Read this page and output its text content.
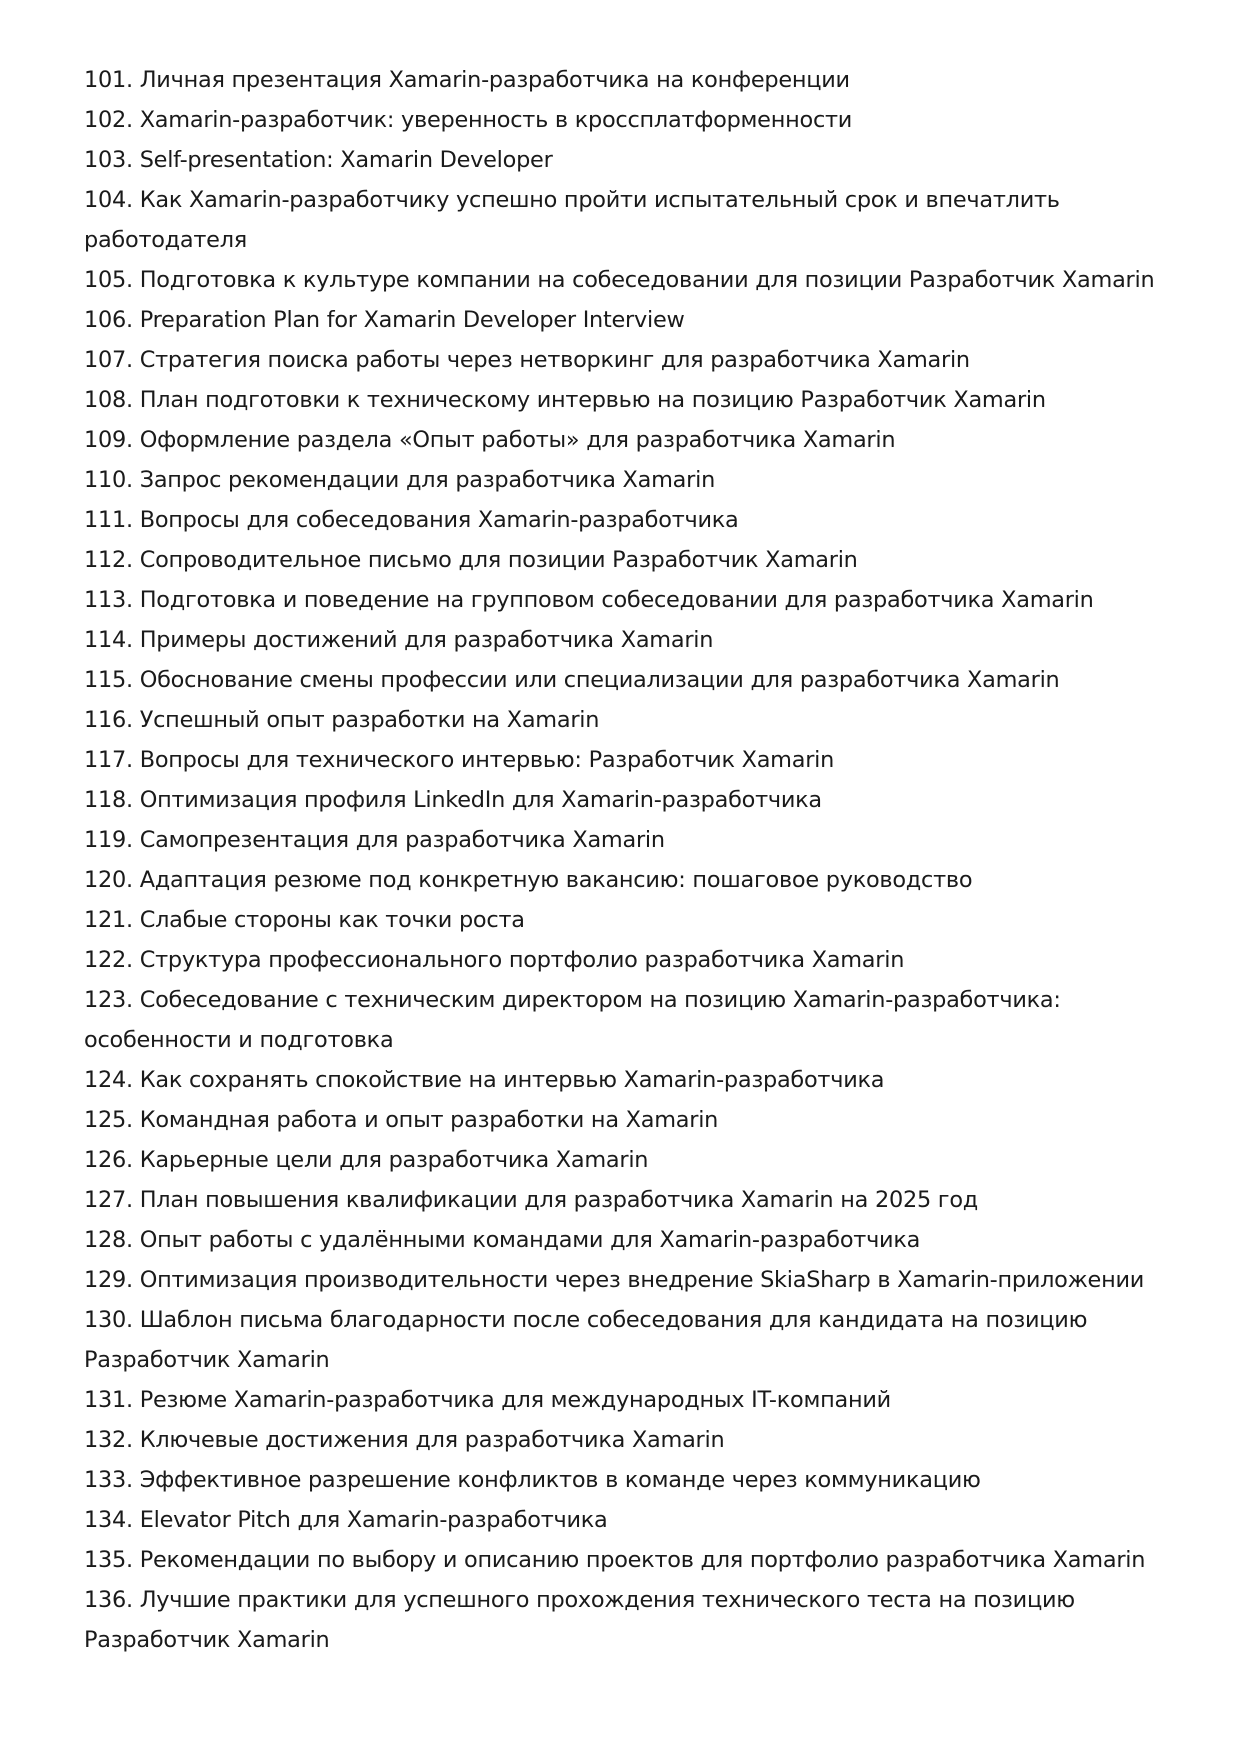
101. Личная презентация Xamarin-разработчика на конференции
102. Xamarin-разработчик: уверенность в кроссплатформенности
103. Self-presentation: Xamarin Developer
104. Как Xamarin-разработчику успешно пройти испытательный срок и впечатлить
работодателя
105. Подготовка к культуре компании на собеседовании для позиции Разработчик Xamarin
106. Preparation Plan for Xamarin Developer Interview
107. Стратегия поиска работы через нетворкинг для разработчика Xamarin
108. План подготовки к техническому интервью на позицию Разработчик Xamarin
109. Оформление раздела «Опыт работы» для разработчика Xamarin
110. Запрос рекомендации для разработчика Xamarin
111. Вопросы для собеседования Xamarin-разработчика
112. Сопроводительное письмо для позиции Разработчик Xamarin
113. Подготовка и поведение на групповом собеседовании для разработчика Xamarin
114. Примеры достижений для разработчика Xamarin
115. Обоснование смены профессии или специализации для разработчика Xamarin
116. Успешный опыт разработки на Xamarin
117. Вопросы для технического интервью: Разработчик Xamarin
118. Оптимизация профиля LinkedIn для Xamarin-разработчика
119. Самопрезентация для разработчика Xamarin
120. Адаптация резюме под конкретную вакансию: пошаговое руководство
121. Слабые стороны как точки роста
122. Структура профессионального портфолио разработчика Xamarin
123. Собеседование с техническим директором на позицию Xamarin-разработчика:
особенности и подготовка
124. Как сохранять спокойствие на интервью Xamarin-разработчика
125. Командная работа и опыт разработки на Xamarin
126. Карьерные цели для разработчика Xamarin
127. План повышения квалификации для разработчика Xamarin на 2025 год
128. Опыт работы с удалёнными командами для Xamarin-разработчика
129. Оптимизация производительности через внедрение SkiaSharp в Xamarin-приложении
130. Шаблон письма благодарности после собеседования для кандидата на позицию
Разработчик Xamarin
131. Резюме Xamarin-разработчика для международных IT-компаний
132. Ключевые достижения для разработчика Xamarin
133. Эффективное разрешение конфликтов в команде через коммуникацию
134. Elevator Pitch для Xamarin-разработчика
135. Рекомендации по выбору и описанию проектов для портфолио разработчика Xamarin
136. Лучшие практики для успешного прохождения технического теста на позицию
Разработчик Xamarin
